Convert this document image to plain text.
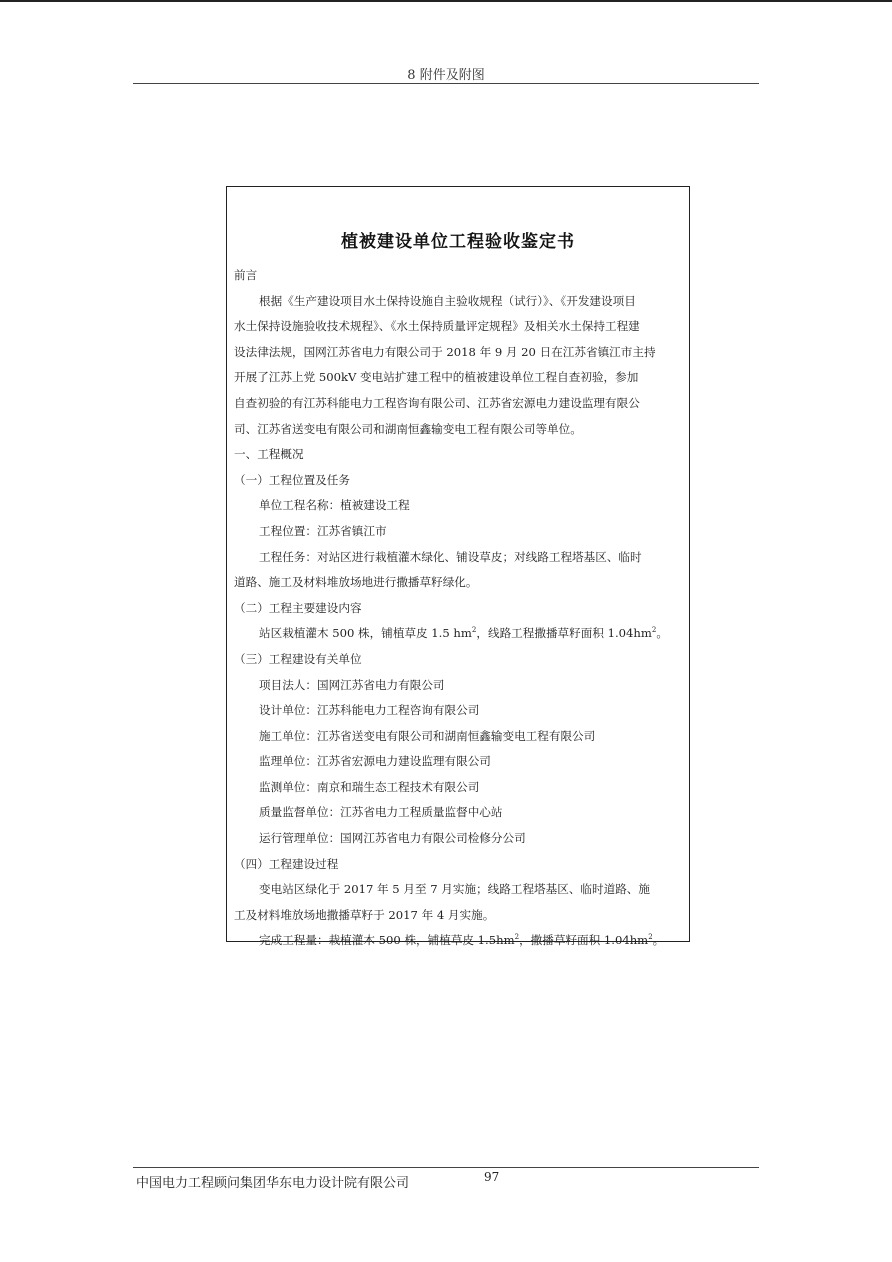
8 附件及附图
植被建设单位工程验收鉴定书

前言

根据《生产建设项目水土保持设施自主验收规程（试行）》、《开发建设项目

水土保持设施验收技术规程》、《水土保持质量评定规程》及相关水土保持工程建

设法律法规，国网江苏省电力有限公司于 2018 年 9 月 20 日在江苏省镇江市主持

开展了江苏上党 500kV 变电站扩建工程中的植被建设单位工程自查初验，参加

自查初验的有江苏科能电力工程咨询有限公司、江苏省宏源电力建设监理有限公

司、江苏省送变电有限公司和湖南恒鑫输变电工程有限公司等单位。

一、工程概况

（一）工程位置及任务

单位工程名称：植被建设工程

工程位置：江苏省镇江市

工程任务：对站区进行栽植灌木绿化、铺设草皮；对线路工程塔基区、临时

道路、施工及材料堆放场地进行撒播草籽绿化。

（二）工程主要建设内容

站区栽植灌木 500 株，铺植草皮 1.5 $hm^2$，线路工程撒播草籽面积 $1.04hm^2$。

（三）工程建设有关单位

项目法人：国网江苏省电力有限公司

设计单位：江苏科能电力工程咨询有限公司

施工单位：江苏省送变电有限公司和湖南恒鑫输变电工程有限公司

监理单位：江苏省宏源电力建设监理有限公司

监测单位：南京和瑞生态工程技术有限公司

质量监督单位：江苏省电力工程质量监督中心站

运行管理单位：国网江苏省电力有限公司检修分公司

（四）工程建设过程

变电站区绿化于 2017 年 5 月至 7 月实施；线路工程塔基区、临时道路、施

工及材料堆放场地撒播草籽于 2017 年 4 月实施。

完成工程量：栽植灌木 500 株，铺植草皮 $1.5hm^2$，撒播草籽面积 $1.04hm^2$。

中国电力工程顾问集团华东电力设计院有限公司	97
